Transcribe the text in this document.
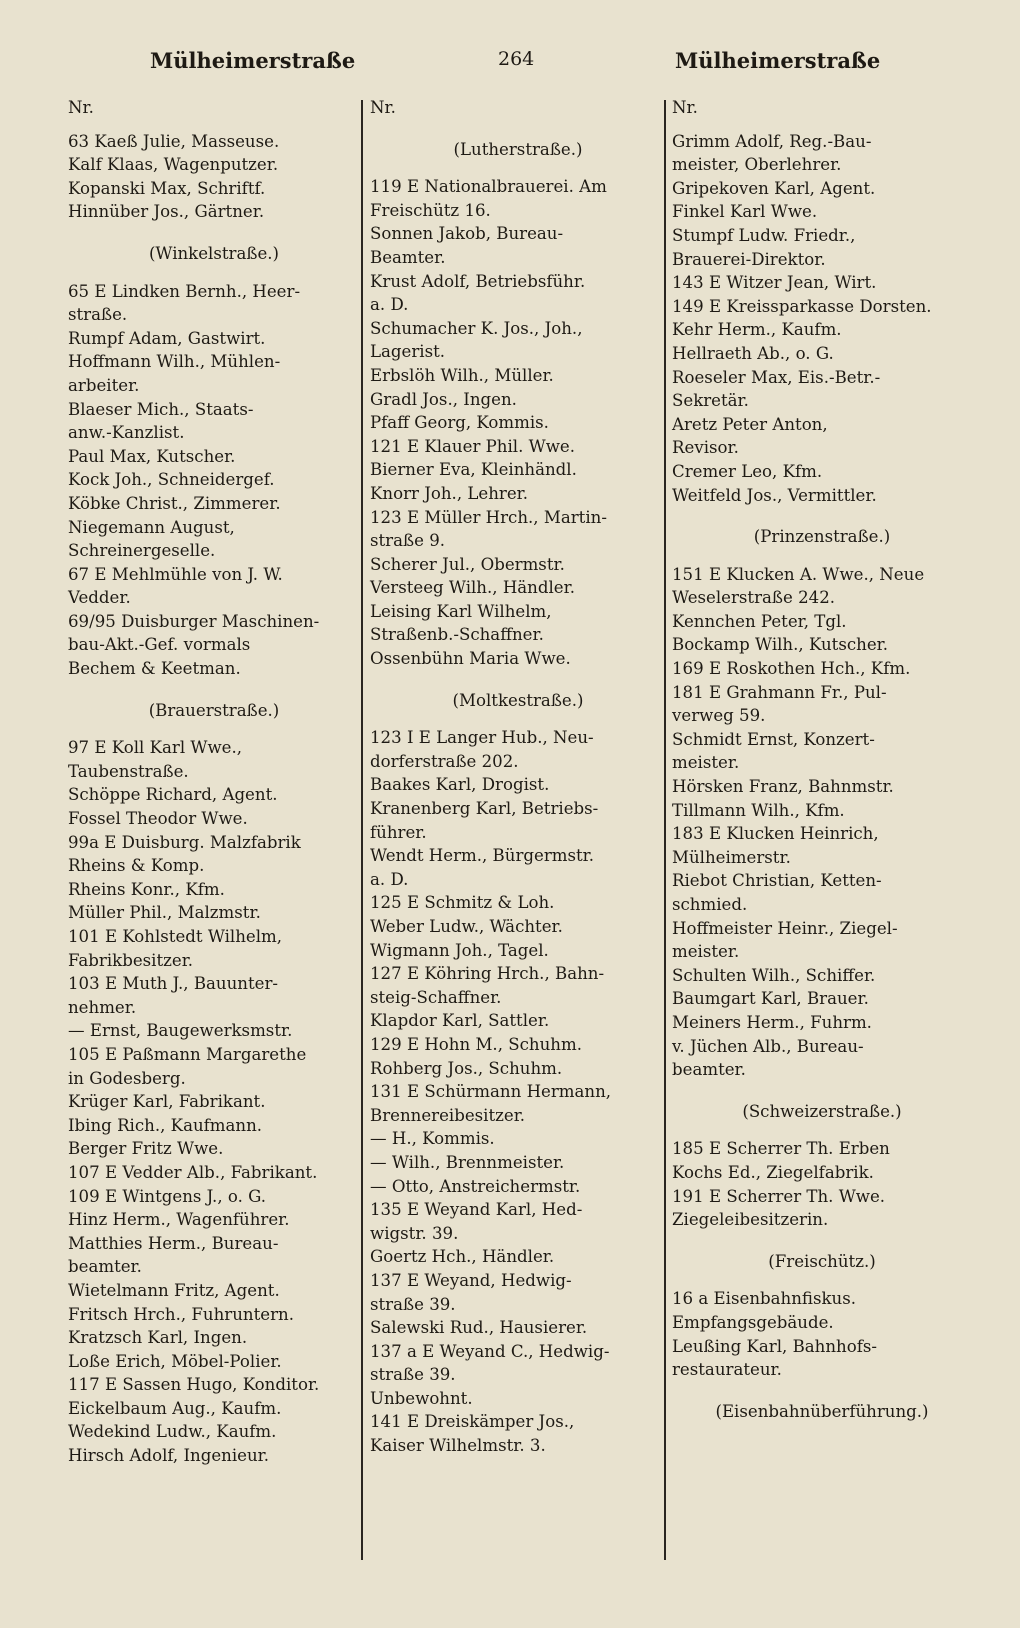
Mülheimerstraße	264	Mülheimerstraße
Nr.
63 Kaeß Julie, Masseuse.
Kalf Klaas, Wagenputzer.
Kopanski Max, Schriftf.
Hinnüber Jos., Gärtner.
(Winkelstraße.)
65 E Lindken Bernh., Heer-
straße.
Rumpf Adam, Gastwirt.
Hoffmann Wilh., Mühlen-
arbeiter.
Blaeser Mich., Staats-
anw.-Kanzlist.
Paul Max, Kutscher.
Kock Joh., Schneidergef.
Köbke Christ., Zimmerer.
Niegemann August,
Schreinergeselle.
67 E Mehlmühle von J. W.
Vedder.
69/95 Duisburger Maschinen-
bau-Akt.-Gef. vormals
Bechem & Keetman.
(Brauerstraße.)
97 E Koll Karl Wwe.,
Taubenstraße.
Schöppe Richard, Agent.
Fossel Theodor Wwe.
99a E Duisburg. Malzfabrik
Rheins & Komp.
Rheins Konr., Kfm.
Müller Phil., Malzmstr.
101 E Kohlstedt Wilhelm,
Fabrikbesitzer.
103 E Muth J., Bauunter-
nehmer.
— Ernst, Baugewerksmstr.
105 E Paßmann Margarethe
in Godesberg.
Krüger Karl, Fabrikant.
Ibing Rich., Kaufmann.
Berger Fritz Wwe.
107 E Vedder Alb., Fabrikant.
109 E Wintgens J., o. G.
Hinz Herm., Wagenführer.
Matthies Herm., Bureau-
beamter.
Wietelmann Fritz, Agent.
Fritsch Hrch., Fuhruntern.
Kratzsch Karl, Ingen.
Loße Erich, Möbel-Polier.
117 E Sassen Hugo, Konditor.
Eickelbaum Aug., Kaufm.
Wedekind Ludw., Kaufm.
Hirsch Adolf, Ingenieur.
Nr.
(Lutherstraße.)
119 E Nationalbrauerei. Am
Freischütz 16.
Sonnen Jakob, Bureau-
Beamter.
Krust Adolf, Betriebsführ.
a. D.
Schumacher K. Jos., Joh.,
Lagerist.
Erbslöh Wilh., Müller.
Gradl Jos., Ingen.
Pfaff Georg, Kommis.
121 E Klauer Phil. Wwe.
Bierner Eva, Kleinhändl.
Knorr Joh., Lehrer.
123 E Müller Hrch., Martin-
straße 9.
Scherer Jul., Obermstr.
Versteeg Wilh., Händler.
Leising Karl Wilhelm,
Straßenb.-Schaffner.
Ossenbühn Maria Wwe.
(Moltkestraße.)
123 I E Langer Hub., Neu-
dorferstraße 202.
Baakes Karl, Drogist.
Kranenberg Karl, Betriebs-
führer.
Wendt Herm., Bürgermstr.
a. D.
125 E Schmitz & Loh.
Weber Ludw., Wächter.
Wigmann Joh., Tagel.
127 E Köhring Hrch., Bahn-
steig-Schaffner.
Klapdor Karl, Sattler.
129 E Hohn M., Schuhm.
Rohberg Jos., Schuhm.
131 E Schürmann Hermann,
Brennereibesitzer.
— H., Kommis.
— Wilh., Brennmeister.
— Otto, Anstreichermstr.
135 E Weyand Karl, Hed-
wigstr. 39.
Goertz Hch., Händler.
137 E Weyand, Hedwig-
straße 39.
Salewski Rud., Hausierer.
137 a E Weyand C., Hedwig-
straße 39.
Unbewohnt.
141 E Dreiskämper Jos.,
Kaiser Wilhelmstr. 3.
Nr.
Grimm Adolf, Reg.-Bau-
meister, Oberlehrer.
Gripekoven Karl, Agent.
Finkel Karl Wwe.
Stumpf Ludw. Friedr.,
Brauerei-Direktor.
143 E Witzer Jean, Wirt.
149 E Kreissparkasse Dorsten.
Kehr Herm., Kaufm.
Hellraeth Ab., o. G.
Roeseler Max, Eis.-Betr.-
Sekretär.
Aretz Peter Anton,
Revisor.
Cremer Leo, Kfm.
Weitfeld Jos., Vermittler.
(Prinzenstraße.)
151 E Klucken A. Wwe., Neue
Weselerstraße 242.
Kennchen Peter, Tgl.
Bockamp Wilh., Kutscher.
169 E Roskothen Hch., Kfm.
181 E Grahmann Fr., Pul-
verweg 59.
Schmidt Ernst, Konzert-
meister.
Hörsken Franz, Bahnmstr.
Tillmann Wilh., Kfm.
183 E Klucken Heinrich,
Mülheimerstr.
Riebot Christian, Ketten-
schmied.
Hoffmeister Heinr., Ziegel-
meister.
Schulten Wilh., Schiffer.
Baumgart Karl, Brauer.
Meiners Herm., Fuhrm.
v. Jüchen Alb., Bureau-
beamter.
(Schweizerstraße.)
185 E Scherrer Th. Erben
Kochs Ed., Ziegelfabrik.
191 E Scherrer Th. Wwe.
Ziegeleibesitzerin.
(Freischütz.)
16 a Eisenbahnfiskus.
Empfangsgebäude.
Leußing Karl, Bahnhofs-
restaurateur.
(Eisenbahnüberführung.)
